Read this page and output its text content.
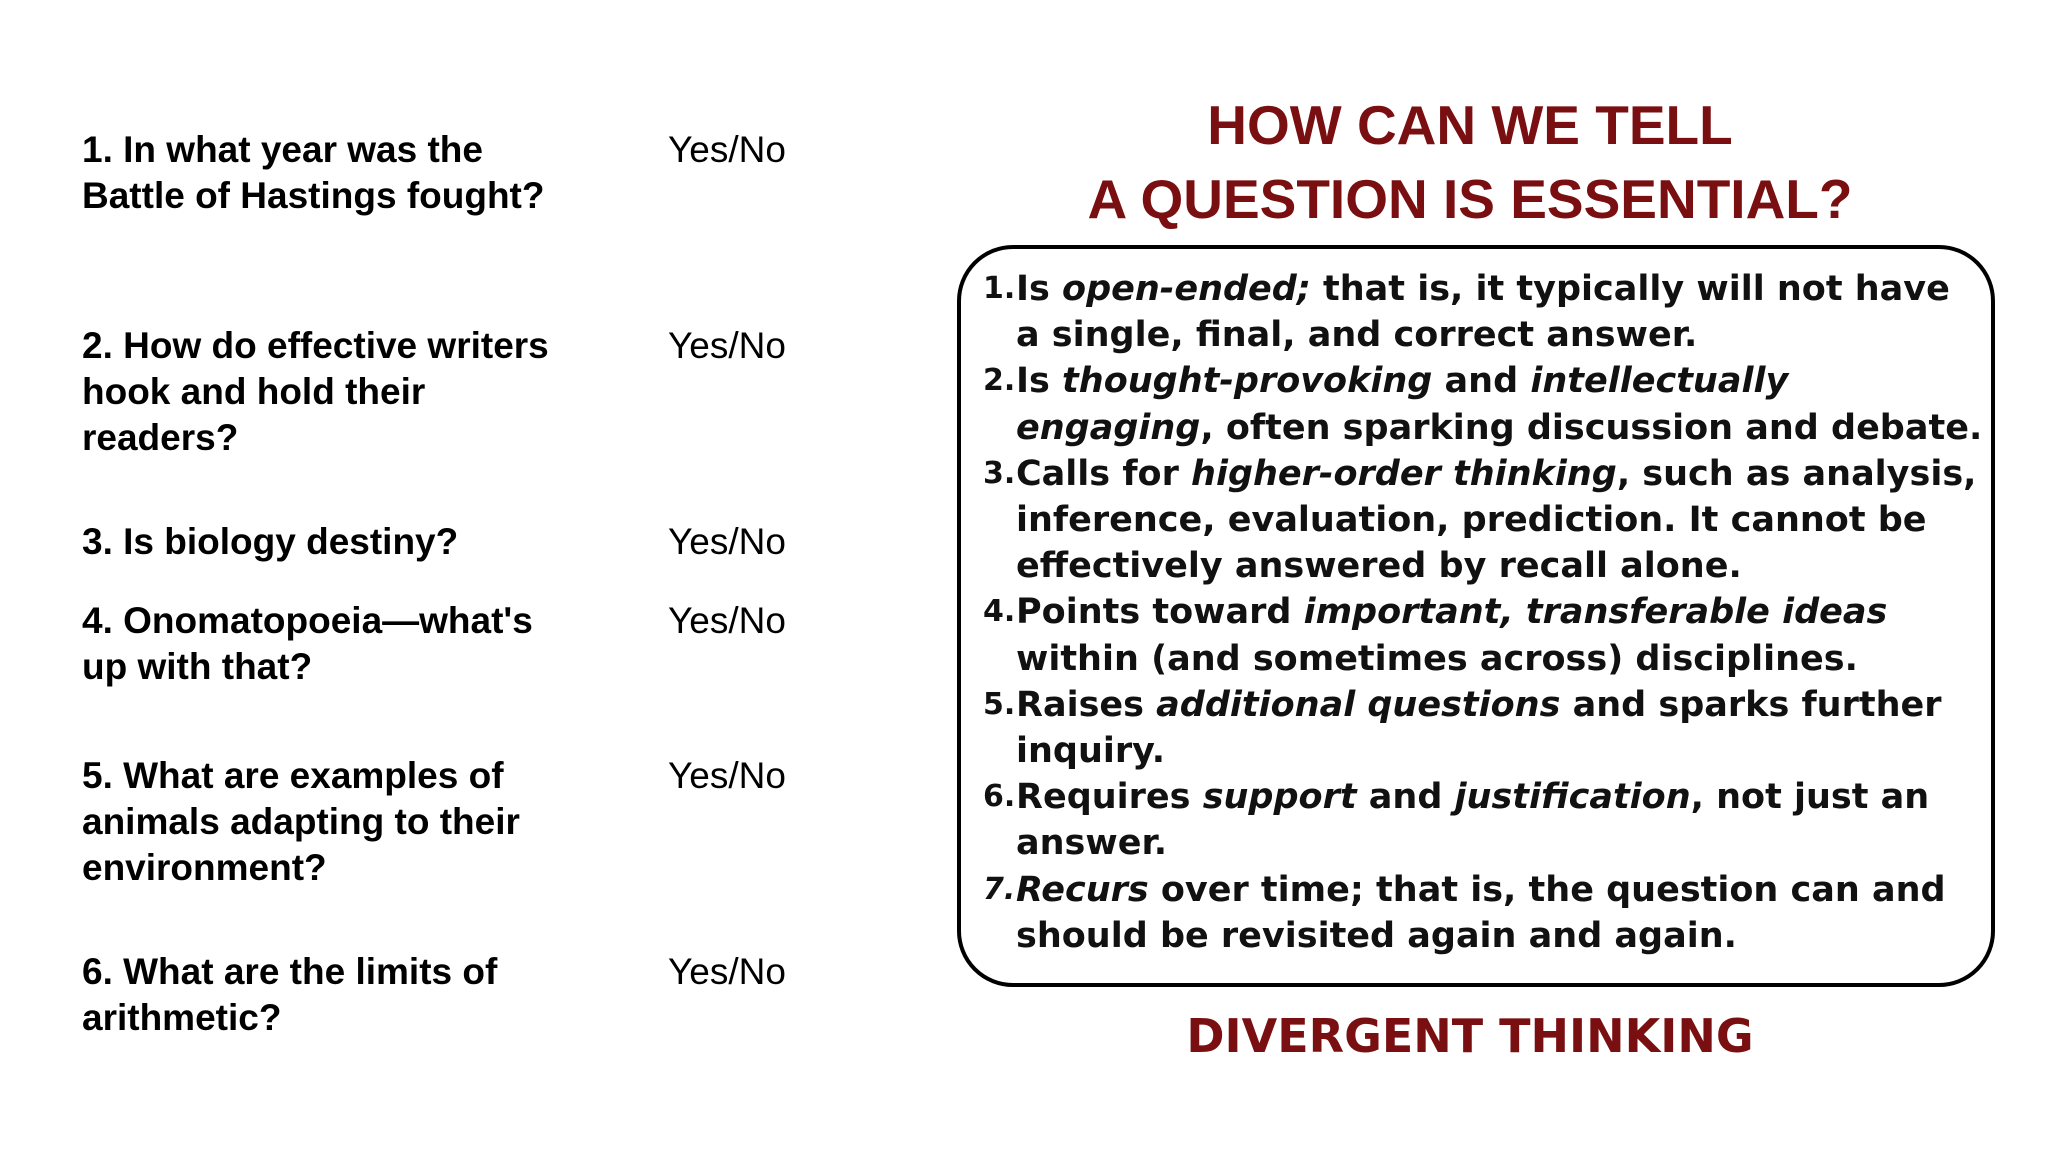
1. In what year was the Battle of Hastings fought?

Yes/No

2. How do effective writers hook and hold their readers?

Yes/No

3. Is biology destiny?	Yes/No

4. Onomatopoeia—what's up with that?

Yes/No

5. What are examples of animals adapting to their environment?

Yes/No

6. What are the limits of arithmetic?

Yes/No

HOW CAN WE TELL
A QUESTION IS ESSENTIAL?
1. Is open-ended; that is, it typically will not have a single, final, and correct answer.
2. Is thought-provoking and intellectually engaging, often sparking discussion and debate.
3. Calls for higher-order thinking, such as analysis, inference, evaluation, prediction. It cannot be effectively answered by recall alone.
4. Points toward important, transferable ideas within (and sometimes across) disciplines.
5. Raises additional questions and sparks further inquiry.
6. Requires support and justification, not just an answer.
7. Recurs over time; that is, the question can and should be revisited again and again.

DIVERGENT THINKING
